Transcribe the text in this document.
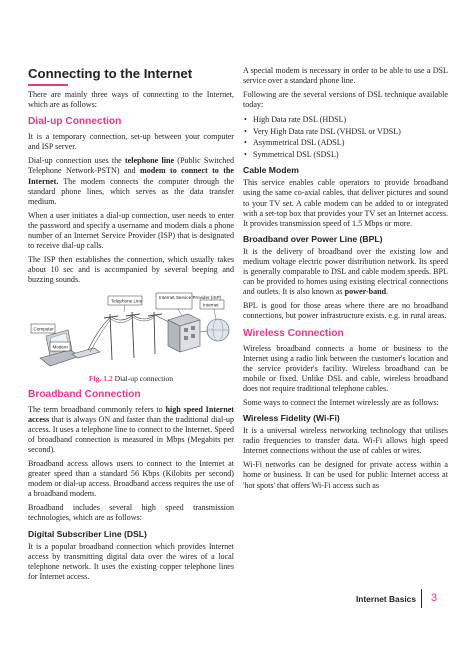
Connecting to the Internet

There are mainly three ways of connecting to the Internet, which are as follows:

Dial-up Connection

It is a temporary connection, set-up between your computer and ISP server.

Dial-up connection uses the telephone line (Public Switched Telephone Network-PSTN) and modem to connect to the Internet. The modem connects the computer through the standard phone lines, which serves as the data transfer medium.

When a user initiates a dial-up connection, user needs to enter the password and specify a username and modem dials a phone number of an Internet Service Provider (ISP) that is designated to receive dial-up calls.

The ISP then establishes the connection, which usually takes about 10 sec and is accompanied by several beeping and buzzing sounds.

Telephone Line
Internet Service Provider (ISP)
Internet
Computer
Modem
Fig. 1.2 Dial-up connection
Broadband Connection

The term broadband commonly refers to high speed Internet access that is always ON and faster than the traditional dial-up access. It uses a telephone line to connect to the Internet. Speed of broadband connection is measured in Mbps (Megabits per second).

Broadband access allows users to connect to the Internet at greater speed than a standard 56 Kbps (Kilobits per second) modem or dial-up access. Broadband access requires the use of a broadband modem.

Broadband includes several high speed transmission technologies, which are as follows:

Digital Subscriber Line (DSL)

It is a popular broadband connection which provides Internet access by transmitting digital data over the wires of a local telephone network. It uses the existing copper telephone lines for Internet access.

A special modem is necessary in order to be able to use a DSL service over a standard phone line.

Following are the several versions of DSL technique available today:

• High Data rate DSL (HDSL)
• Very High Data rate DSL (VHDSL or VDSL)
• Asymmetrical DSL (ADSL)
• Symmetrical DSL (SDSL)
Cable Modem

This service enables cable operators to provide broadband using the same co-axial cables, that deliver pictures and sound to your TV set. A cable modem can be added to or integrated with a set-top box that provides your TV set an Internet access. It provides transmission speed of 1.5 Mbps or more.

Broadband over Power Line (BPL)

It is the delivery of broadband over the existing low and medium voltage electric power distribution network. Its speed is generally comparable to DSL and cable modem speeds. BPL can be provided to homes using existing electrical connections and outlets. It is also known as power-band.

BPL is good for those areas where there are no broadband connections, but power infrastructure exists. e.g. in rural areas.

Wireless Connection

Wireless broadband connects a home or business to the Internet using a radio link between the customer's location and the service provider's facility. Wireless broadband can be mobile or fixed. Unlike DSL and cable, wireless broadband does not require traditional telephone cables.

Some ways to connect the Internet wirelessly are as follows:

Wireless Fidelity (Wi-Fi)

It is a universal wireless networking technology that utilises radio frequencies to transfer data. Wi-Fi allows high speed Internet connections without the use of cables or wires.

Wi-Fi networks can be designed for private access within a home or business. It can be used for public Internet access at 'hot spots' that offers Wi-Fi access such as

Internet Basics 3
